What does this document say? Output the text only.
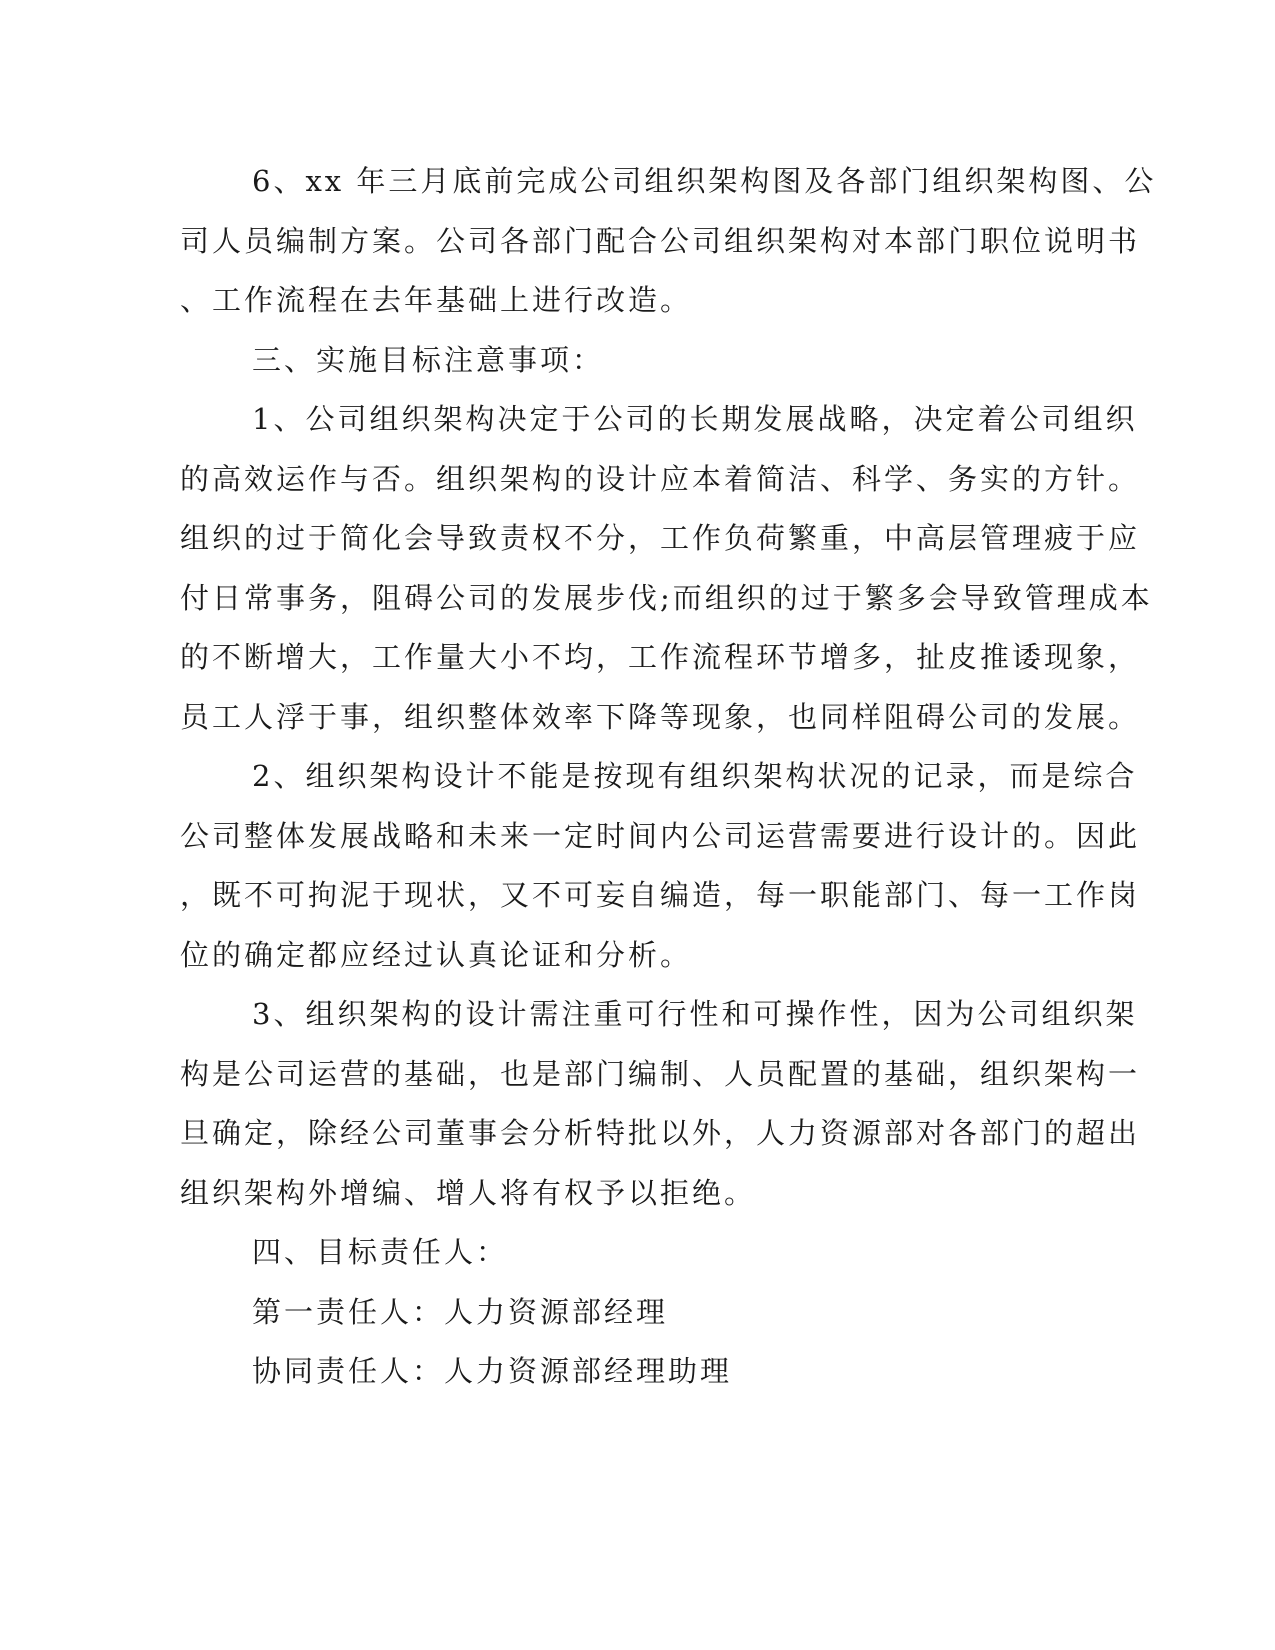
6、xx 年三月底前完成公司组织架构图及各部门组织架构图、公
司人员编制方案。公司各部门配合公司组织架构对本部门职位说明书
、工作流程在去年基础上进行改造。
三、实施目标注意事项：
1、公司组织架构决定于公司的长期发展战略，决定着公司组织
的高效运作与否。组织架构的设计应本着简洁、科学、务实的方针。
组织的过于简化会导致责权不分，工作负荷繁重，中高层管理疲于应
付日常事务，阻碍公司的发展步伐;而组织的过于繁多会导致管理成本
的不断增大，工作量大小不均，工作流程环节增多，扯皮推诿现象，
员工人浮于事，组织整体效率下降等现象，也同样阻碍公司的发展。
2、组织架构设计不能是按现有组织架构状况的记录，而是综合
公司整体发展战略和未来一定时间内公司运营需要进行设计的。因此
，既不可拘泥于现状，又不可妄自编造，每一职能部门、每一工作岗
位的确定都应经过认真论证和分析。
3、组织架构的设计需注重可行性和可操作性，因为公司组织架
构是公司运营的基础，也是部门编制、人员配置的基础，组织架构一
旦确定，除经公司董事会分析特批以外，人力资源部对各部门的超出
组织架构外增编、增人将有权予以拒绝。
四、目标责任人：
第一责任人：人力资源部经理
协同责任人：人力资源部经理助理
